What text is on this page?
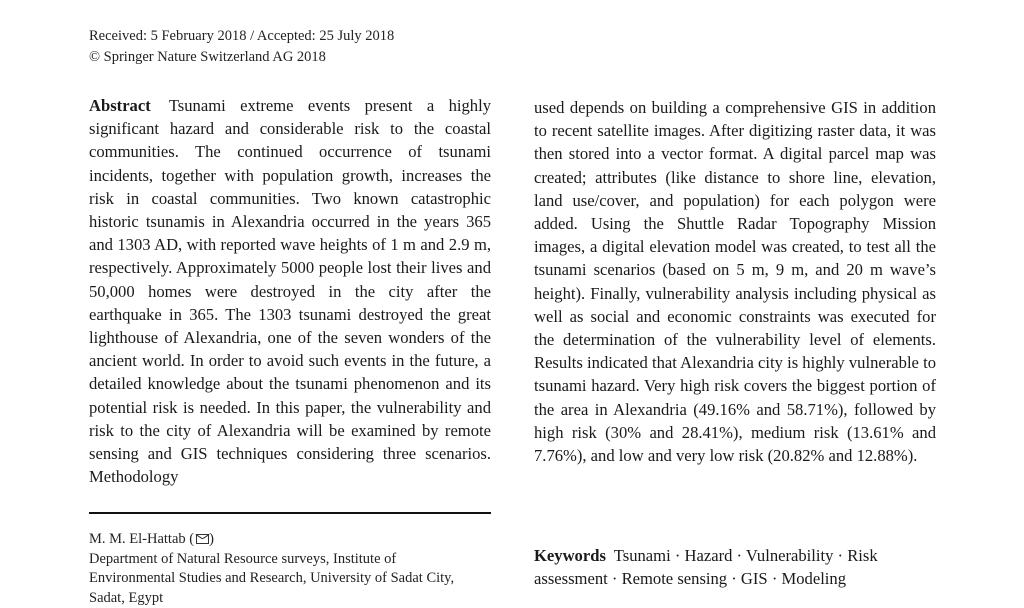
Received: 5 February 2018 / Accepted: 25 July 2018
© Springer Nature Switzerland AG 2018
Abstract Tsunami extreme events present a highly significant hazard and considerable risk to the coastal communities. The continued occurrence of tsunami incidents, together with population growth, increases the risk in coastal communities. Two known catastrophic historic tsunamis in Alexandria occurred in the years 365 and 1303 AD, with reported wave heights of 1 m and 2.9 m, respectively. Approximately 5000 people lost their lives and 50,000 homes were destroyed in the city after the earthquake in 365. The 1303 tsunami destroyed the great lighthouse of Alexandria, one of the seven wonders of the ancient world. In order to avoid such events in the future, a detailed knowledge about the tsunami phenomenon and its potential risk is needed. In this paper, the vulnerability and risk to the city of Alexandria will be examined by remote sensing and GIS techniques considering three scenarios. Methodology
used depends on building a comprehensive GIS in addition to recent satellite images. After digitizing raster data, it was then stored into a vector format. A digital parcel map was created; attributes (like distance to shore line, elevation, land use/cover, and population) for each polygon were added. Using the Shuttle Radar Topography Mission images, a digital elevation model was created, to test all the tsunami scenarios (based on 5 m, 9 m, and 20 m wave’s height). Finally, vulnerability analysis including physical as well as social and economic constraints was executed for the determination of the vulnerability level of elements. Results indicated that Alexandria city is highly vulnerable to tsunami hazard. Very high risk covers the biggest portion of the area in Alexandria (49.16% and 58.71%), followed by high risk (30% and 28.41%), medium risk (13.61% and 7.76%), and low and very low risk (20.82% and 12.88%).
M. M. El-Hattab ( )
Department of Natural Resource surveys, Institute of
Environmental Studies and Research, University of Sadat City,
Sadat, Egypt
Keywords Tsunami · Hazard · Vulnerability · Risk assessment · Remote sensing · GIS · Modeling
